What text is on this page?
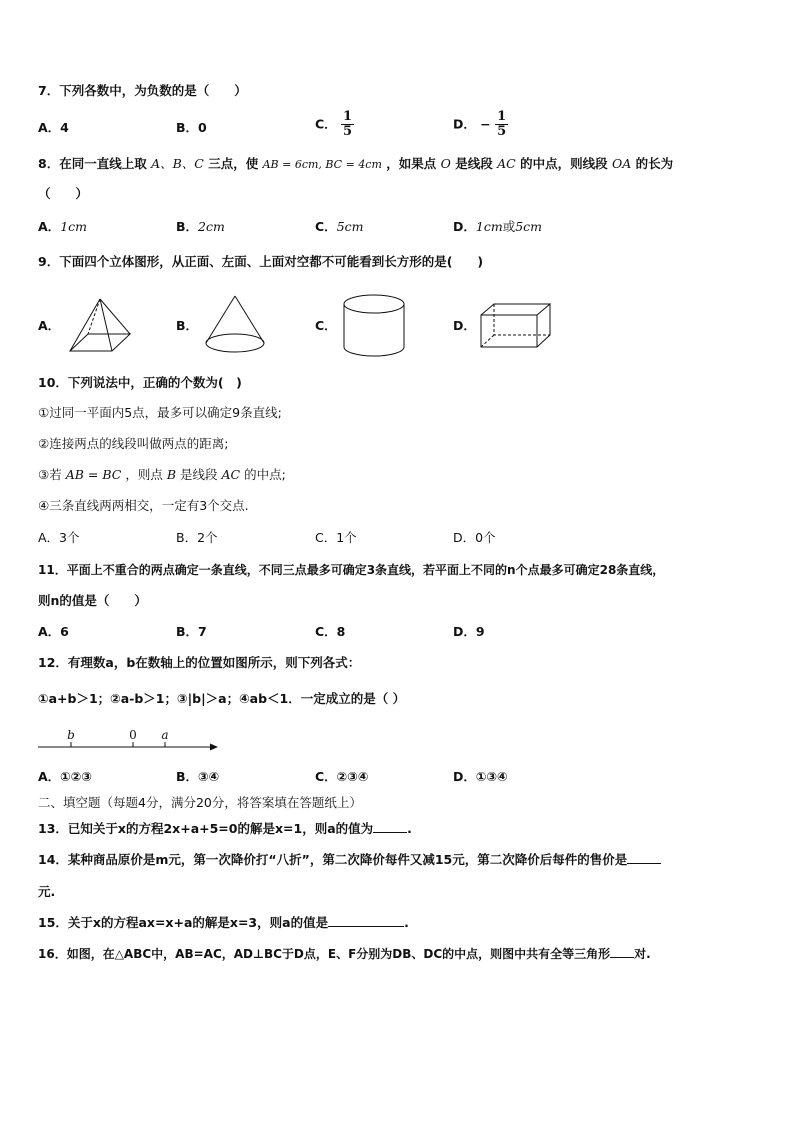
7．下列各数中，为负数的是（　　）
A．4	B．0	C． $\frac{1}{5}$	D． − $\frac{1}{5}$
8．在同一直线上取 A、B、C 三点，使 AB = 6cm, BC = 4cm ，如果点 O 是线段 AC 的中点，则线段 OA 的长为
（　　）
A．1cm	B．2cm	C．5cm	D．1cm或5cm
9．下面四个立体图形，从正面、左面、上面对空都不可能看到长方形的是(　　)
A．	B．	C．	D．
10．下列说法中，正确的个数为(　)
①过同一平面内5点，最多可以确定9条直线;
②连接两点的线段叫做两点的距离;
③若 AB = BC ，则点 B 是线段 AC 的中点;
④三条直线两两相交，一定有3个交点.
A．3个	B．2个	C．1个	D．0个
11．平面上不重合的两点确定一条直线，不同三点最多可确定3条直线，若平面上不同的n个点最多可确定28条直线，
则n的值是（　　）
A．6	B．7	C．8	D．9
12．有理数a，b在数轴上的位置如图所示，则下列各式：
①a+b＞1；②a-b＞1；③|b|＞a；④ab＜1．一定成立的是（ ）
b	0 a
A．①②③	B．③④	C．②③④	D．①③④
二、填空题（每题4分，满分20分，将答案填在答题纸上）
13．已知关于x的方程2x+a+5=0的解是x=1，则a的值为	.
14．某种商品原价是m元，第一次降价打“八折”，第二次降价每件又减15元，第二次降价后每件的售价是
元.
15．关于x的方程ax=x+a的解是x=3，则a的值是	.
16．如图，在△ABC中，AB=AC，AD⊥BC于D点，E、F分别为DB、DC的中点，则图中共有全等三角形 对.
